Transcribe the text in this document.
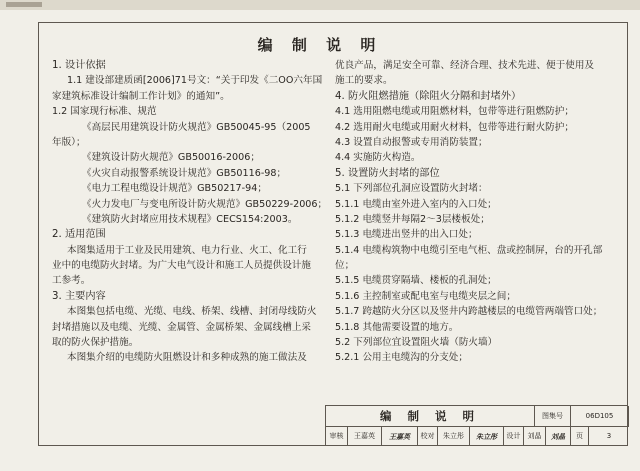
编 制 说 明
1. 设计依据
1.1 建设部建质函[2006]71号文：“关于印发《二OO六年国
家建筑标准设计编制工作计划》的通知”。
1.2 国家现行标准、规范
《高层民用建筑设计防火规范》GB50045-95（2005
年版）；
《建筑设计防火规范》GB50016-2006；
《火灾自动报警系统设计规范》GB50116-98；
《电力工程电缆设计规范》GB50217-94；
《火力发电厂与变电所设计防火规范》GB50229-2006；
《建筑防火封堵应用技术规程》CECS154:2003。
2. 适用范围
本图集适用于工业及民用建筑、电力行业、火工、化工行
业中的电缆防火封堵。为广大电气设计和施工人员提供设计施
工参考。
3. 主要内容
本图集包括电缆、光缆、电线、桥架、线槽、封闭母线防火
封堵措施以及电缆、光缆、金属管、金属桥架、金属线槽上采
取的防火保护措施。
本图集介绍的电缆防火阻燃设计和多种成熟的施工做法及
优良产品，满足安全可靠、经济合理、技术先进、便于使用及
施工的要求。
4. 防火阻燃措施（除阻火分隔和封堵外）
4.1 选用阻燃电缆或用阻燃材料，包带等进行阻燃防护；
4.2 选用耐火电缆或用耐火材料，包带等进行耐火防护；
4.3 设置自动报警或专用消防装置；
4.4 实施防火构造。
5. 设置防火封堵的部位
5.1 下列部位孔洞应设置防火封堵：
5.1.1 电缆由室外进入室内的入口处；
5.1.2 电缆竖井每隔2～3层楼板处；
5.1.3 电缆进出竖井的出入口处；
5.1.4 电缆构筑物中电缆引至电气柜、盘或控制屏，台的开孔部
位；
5.1.5 电缆贯穿隔墙、楼板的孔洞处；
5.1.6 主控制室或配电室与电缆夹层之间；
5.1.7 跨越防火分区以及竖井内跨越楼层的电缆管两端管口处；
5.1.8 其他需要设置的地方。
5.2 下列部位宜设置阻火墙（防火墙）
5.2.1 公用主电缆沟的分支处；
编 制 说 明	图集号	06D105
审核	王嘉英	王嘉英	校对	朱立彤	朱立彤	设计	刘晶	刘晶	页	3
